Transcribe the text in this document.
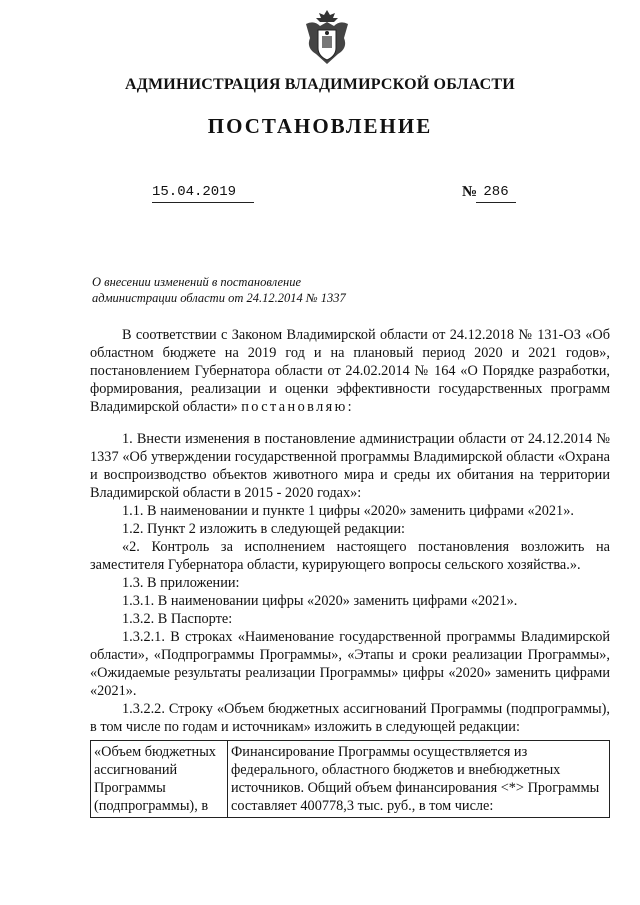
АДМИНИСТРАЦИЯ ВЛАДИМИРСКОЙ ОБЛАСТИ
ПОСТАНОВЛЕНИЕ
15.04.2019	№ 286
О внесении изменений в постановление
администрации области от 24.12.2014 № 1337

В соответствии с Законом Владимирской области от 24.12.2018 № 131-ОЗ «Об областном бюджете на 2019 год и на плановый период 2020 и 2021 годов», постановлением Губернатора области от 24.02.2014 № 164 «О Порядке разработки, формирования, реализации и оценки эффективности государственных программ Владимирской области» постановляю:

1. Внести изменения в постановление администрации области от 24.12.2014 № 1337 «Об утверждении государственной программы Владимирской области «Охрана и воспроизводство объектов животного мира и среды их обитания на территории Владимирской области в 2015 - 2020 годах»:

1.1. В наименовании и пункте 1 цифры «2020» заменить цифрами «2021».

1.2. Пункт 2 изложить в следующей редакции:

«2. Контроль за исполнением настоящего постановления возложить на заместителя Губернатора области, курирующего вопросы сельского хозяйства.».

1.3. В приложении:

1.3.1. В наименовании цифры «2020» заменить цифрами «2021».

1.3.2. В Паспорте:

1.3.2.1. В строках «Наименование государственной программы Владимирской области», «Подпрограммы Программы», «Этапы и сроки реализации Программы», «Ожидаемые результаты реализации Программы» цифры «2020» заменить цифрами «2021».

1.3.2.2. Строку «Объем бюджетных ассигнований Программы (подпрограммы), в том числе по годам и источникам» изложить в следующей редакции:

«Объем бюджетных ассигнований Программы (подпрограммы), в	Финансирование Программы осуществляется из федерального, областного бюджетов и внебюджетных источников. Общий объем финансирования <*> Программы составляет 400778,3 тыс. руб., в том числе:
